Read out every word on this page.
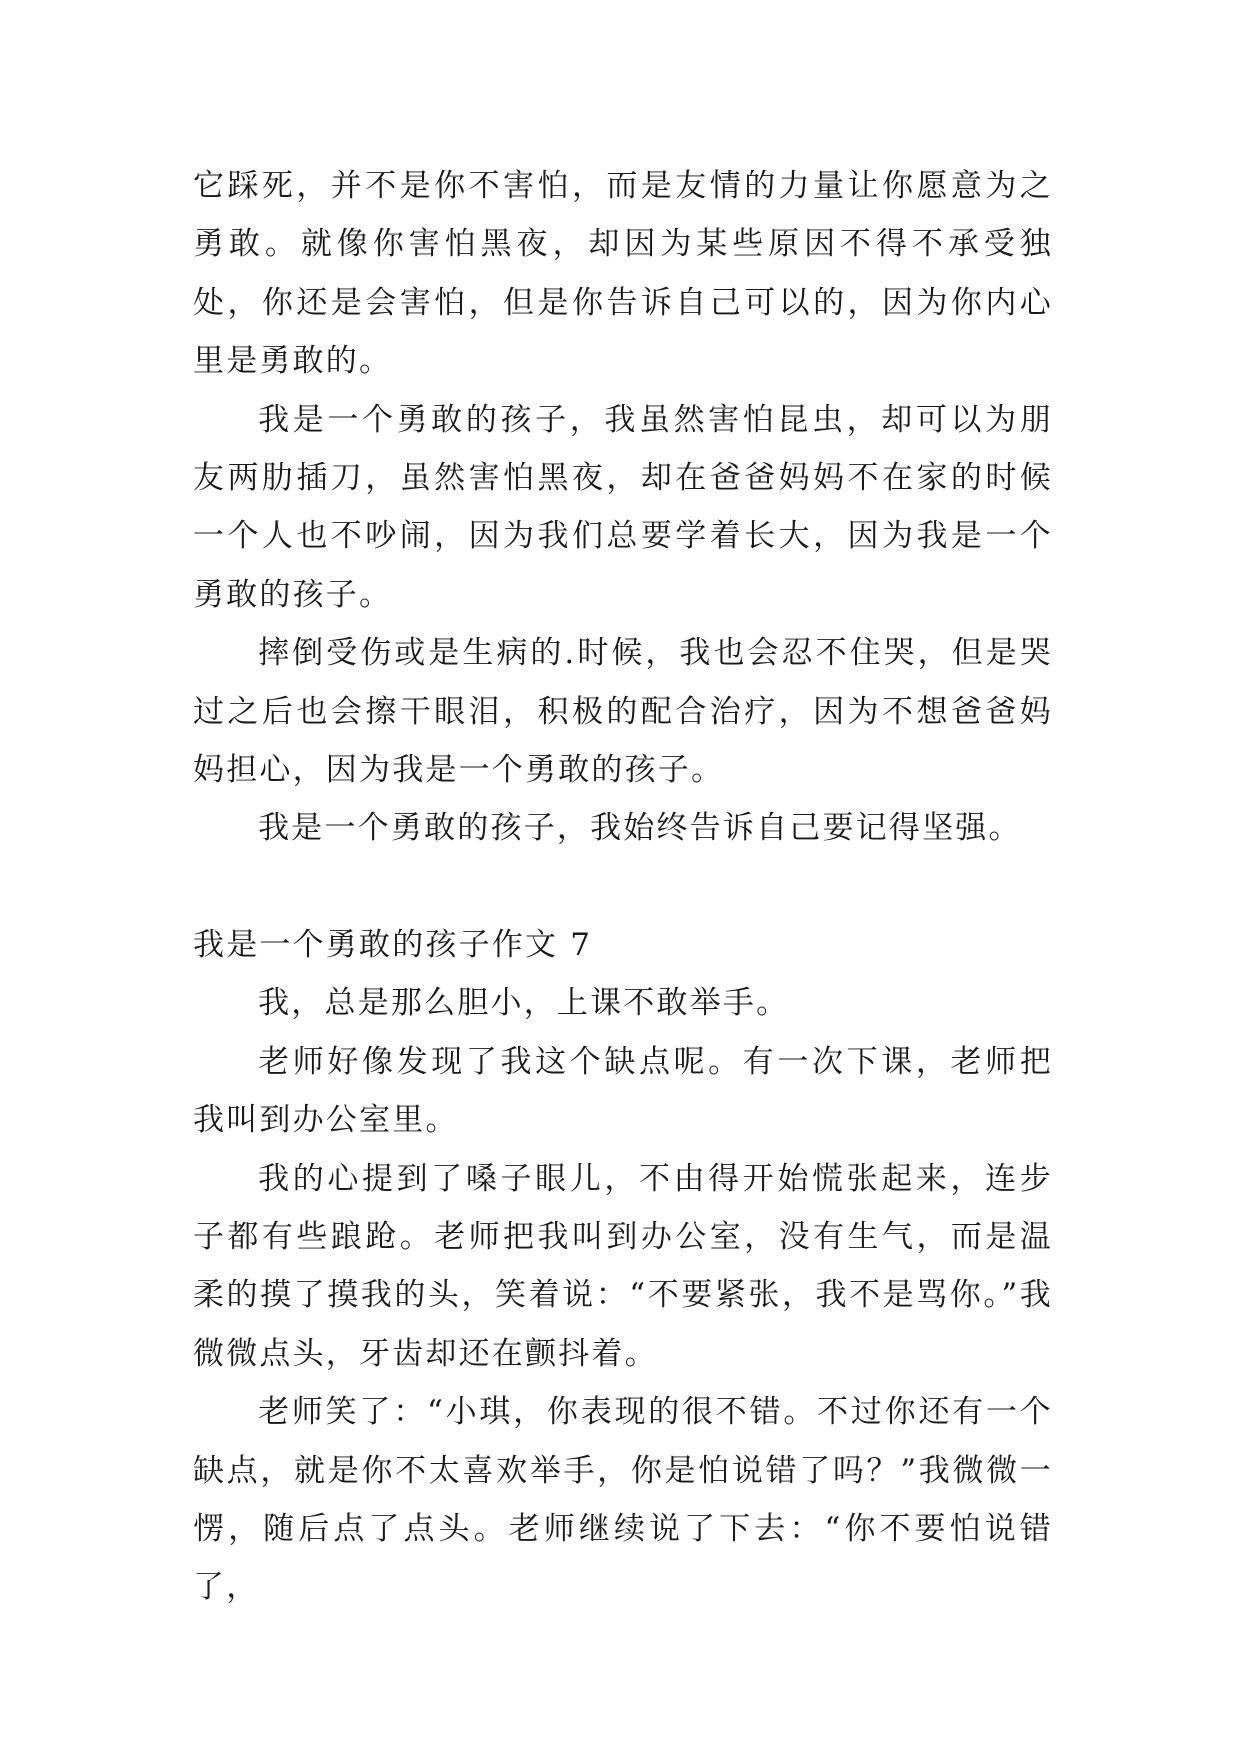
它踩死，并不是你不害怕，而是友情的力量让你愿意为之勇敢。就像你害怕黑夜，却因为某些原因不得不承受独处，你还是会害怕，但是你告诉自己可以的，因为你内心里是勇敢的。

我是一个勇敢的孩子，我虽然害怕昆虫，却可以为朋友两肋插刀，虽然害怕黑夜，却在爸爸妈妈不在家的时候一个人也不吵闹，因为我们总要学着长大，因为我是一个勇敢的孩子。

摔倒受伤或是生病的.时候，我也会忍不住哭，但是哭过之后也会擦干眼泪，积极的配合治疗，因为不想爸爸妈妈担心，因为我是一个勇敢的孩子。

我是一个勇敢的孩子，我始终告诉自己要记得坚强。

我是一个勇敢的孩子作文 7

我，总是那么胆小，上课不敢举手。

老师好像发现了我这个缺点呢。有一次下课，老师把我叫到办公室里。

我的心提到了嗓子眼儿，不由得开始慌张起来，连步子都有些踉跄。老师把我叫到办公室，没有生气，而是温柔的摸了摸我的头，笑着说：“不要紧张，我不是骂你。”我微微点头，牙齿却还在颤抖着。

老师笑了：“小琪，你表现的很不错。不过你还有一个缺点，就是你不太喜欢举手，你是怕说错了吗？”我微微一愣，随后点了点头。老师继续说了下去：“你不要怕说错了，
